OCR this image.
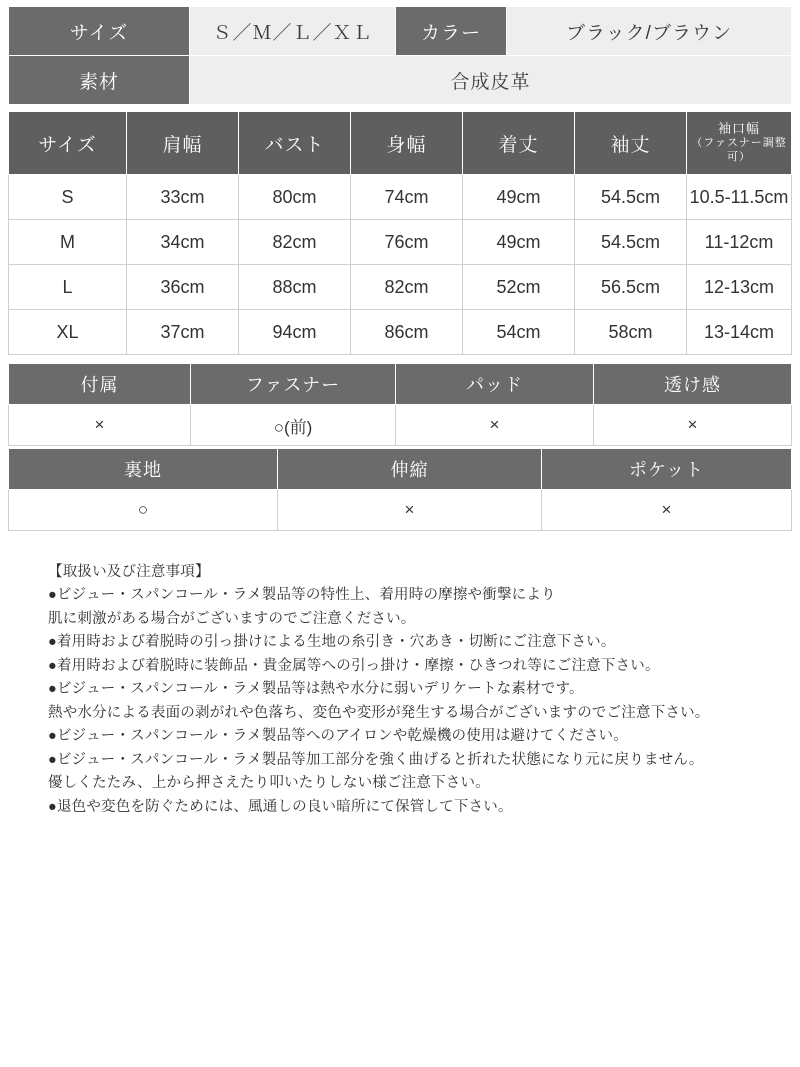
サイズ	Ｓ／Ｍ／Ｌ／ＸＬ	カラー	ブラック/ブラウン
素材	合成皮革		
サイズ	肩幅	バスト	身幅	着丈	袖丈	袖口幅
（ファスナー調整可）

S	33cm	80cm	74cm	49cm	54.5cm	10.5-11.5cm
M	34cm	82cm	76cm	49cm	54.5cm	11-12cm
L	36cm	88cm	82cm	52cm	56.5cm	12-13cm
XL	37cm	94cm	86cm	54cm	58cm	13-14cm
付属	ファスナー	パッド	透け感
×	○(前)	×	×
裏地	伸縮	ポケット
○	×	×
【取扱い及び注意事項】
●ビジュー・スパンコール・ラメ製品等の特性上、着用時の摩擦や衝撃により
肌に刺激がある場合がございますのでご注意ください。
●着用時および着脱時の引っ掛けによる生地の糸引き・穴あき・切断にご注意下さい。
●着用時および着脱時に装飾品・貴金属等への引っ掛け・摩擦・ひきつれ等にご注意下さい。
●ビジュー・スパンコール・ラメ製品等は熱や水分に弱いデリケートな素材です。
熱や水分による表面の剥がれや色落ち、変色や変形が発生する場合がございますのでご注意下さい。
●ビジュー・スパンコール・ラメ製品等へのアイロンや乾燥機の使用は避けてください。
●ビジュー・スパンコール・ラメ製品等加工部分を強く曲げると折れた状態になり元に戻りません。
優しくたたみ、上から押さえたり叩いたりしない様ご注意下さい。
●退色や変色を防ぐためには、風通しの良い暗所にて保管して下さい。
